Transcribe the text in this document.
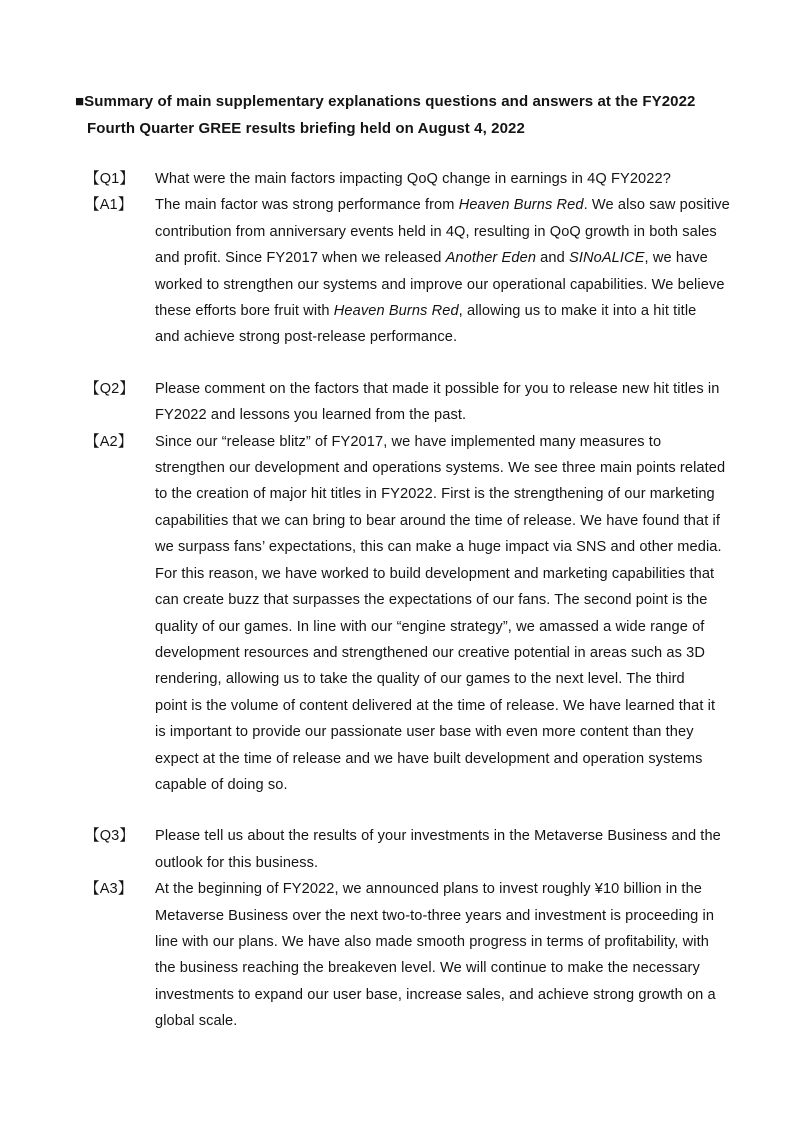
■Summary of main supplementary explanations questions and answers at the FY2022
Fourth Quarter GREE results briefing held on August 4, 2022
【Q1】	What were the main factors impacting QoQ change in earnings in 4Q FY2022?
【A1】	The main factor was strong performance from Heaven Burns Red. We also saw positive
contribution from anniversary events held in 4Q, resulting in QoQ growth in both sales
and profit. Since FY2017 when we released Another Eden and SINoALICE, we have
worked to strengthen our systems and improve our operational capabilities. We believe
these efforts bore fruit with Heaven Burns Red, allowing us to make it into a hit title
and achieve strong post-release performance.
【Q2】	Please comment on the factors that made it possible for you to release new hit titles in
FY2022 and lessons you learned from the past.
【A2】	Since our “release blitz” of FY2017, we have implemented many measures to
strengthen our development and operations systems. We see three main points related
to the creation of major hit titles in FY2022. First is the strengthening of our marketing
capabilities that we can bring to bear around the time of release. We have found that if
we surpass fans’ expectations, this can make a huge impact via SNS and other media.
For this reason, we have worked to build development and marketing capabilities that
can create buzz that surpasses the expectations of our fans. The second point is the
quality of our games. In line with our “engine strategy”, we amassed a wide range of
development resources and strengthened our creative potential in areas such as 3D
rendering, allowing us to take the quality of our games to the next level. The third
point is the volume of content delivered at the time of release. We have learned that it
is important to provide our passionate user base with even more content than they
expect at the time of release and we have built development and operation systems
capable of doing so.
【Q3】	Please tell us about the results of your investments in the Metaverse Business and the
outlook for this business.
【A3】	At the beginning of FY2022, we announced plans to invest roughly ¥10 billion in the
Metaverse Business over the next two-to-three years and investment is proceeding in
line with our plans. We have also made smooth progress in terms of profitability, with
the business reaching the breakeven level. We will continue to make the necessary
investments to expand our user base, increase sales, and achieve strong growth on a
global scale.
